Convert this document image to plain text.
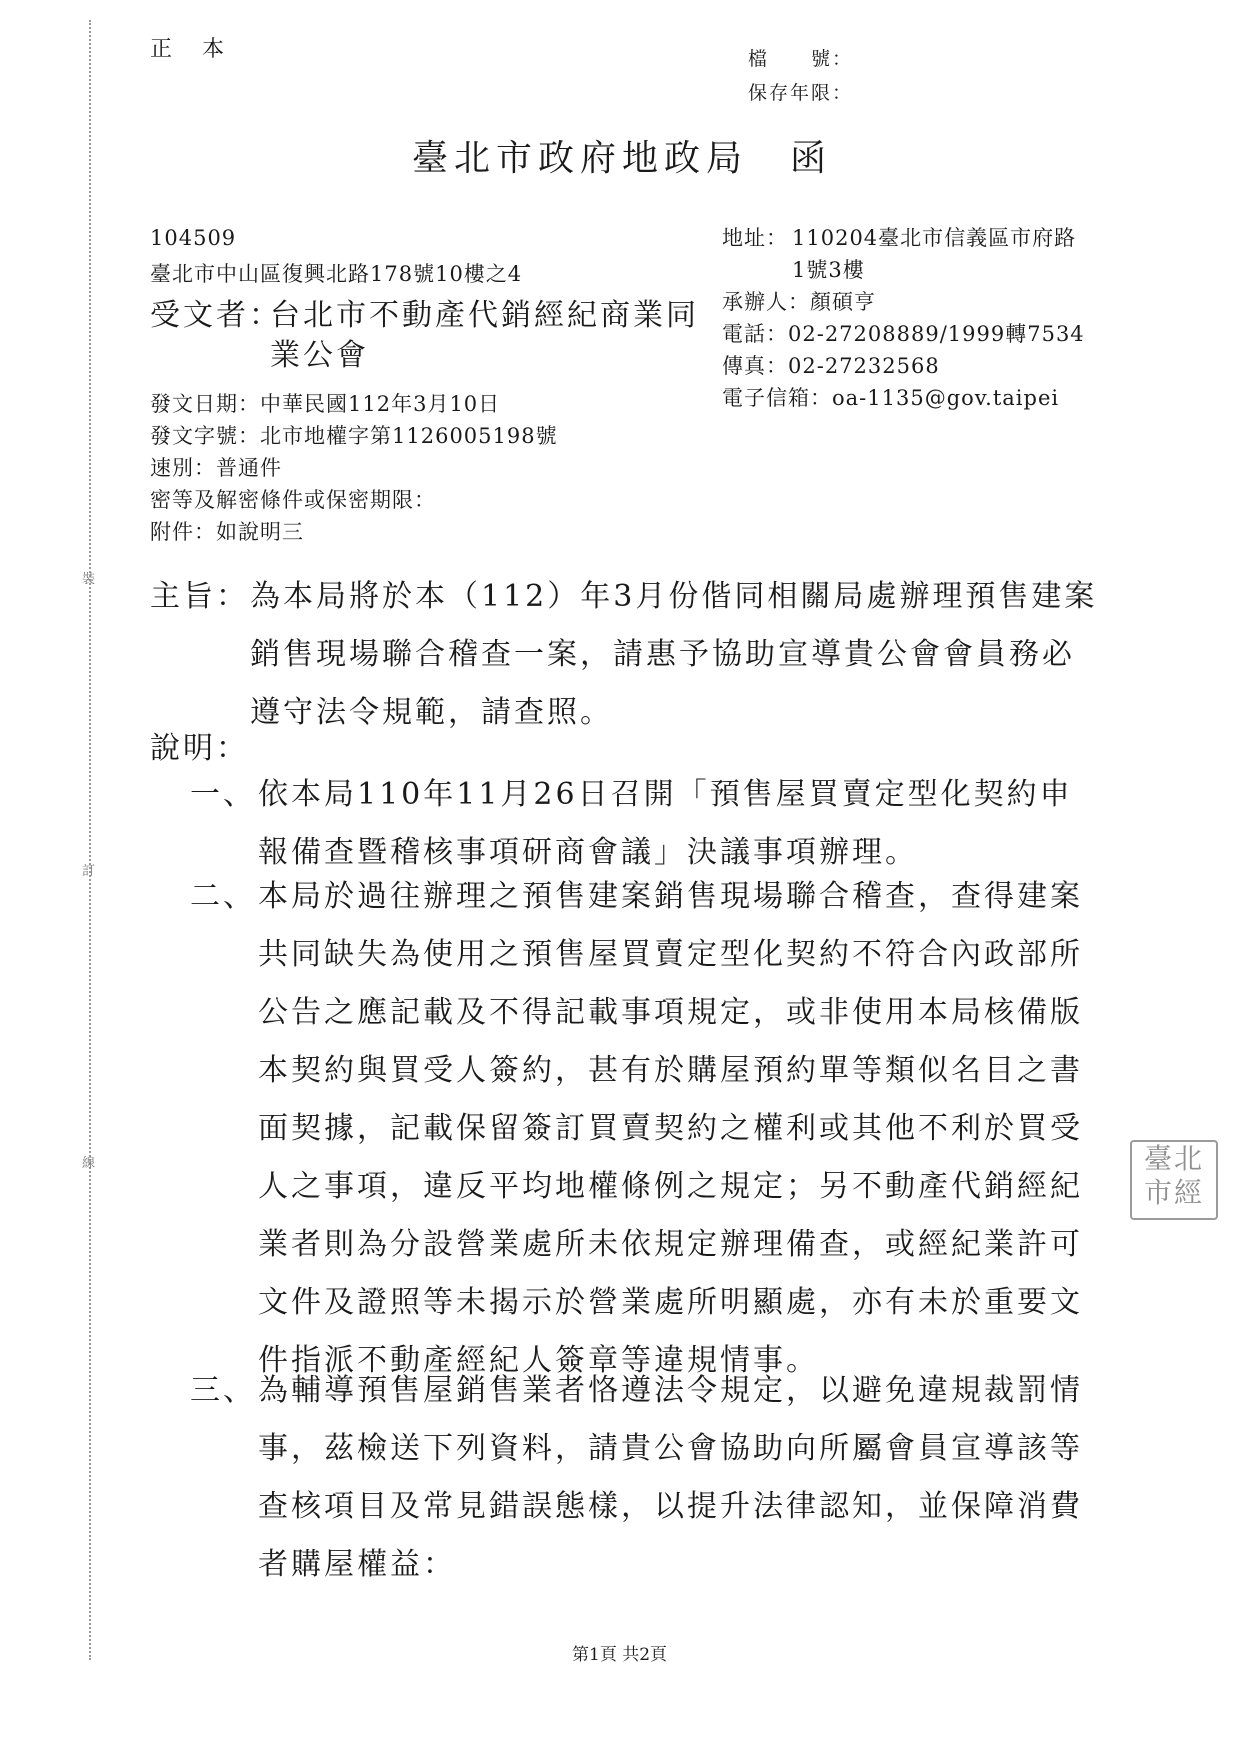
裝
訂
線
正　本	檔　　號：
保存年限：
臺北市政府地政局　函
104509
臺北市中山區復興北路178號10樓之4
受文者：
台北市不動產代銷經紀商業同
業公會
地址： 110204臺北市信義區市府路
1號3樓
承辦人：顏碩亨
電話：02-27208889/1999轉7534
傳真：02-27232568
電子信箱：oa-1135@gov.taipei
發文日期：中華民國112年3月10日
發文字號：北市地權字第1126005198號
速別：普通件
密等及解密條件或保密期限：
附件：如說明三
主旨： 為本局將於本（112）年3月份偕同相關局處辦理預售建案銷售現場聯合稽查一案，請惠予協助宣導貴公會會員務必遵守法令規範，請查照。
說明：
一、 依本局110年11月26日召開「預售屋買賣定型化契約申報備查暨稽核事項研商會議」決議事項辦理。
二、 本局於過往辦理之預售建案銷售現場聯合稽查，查得建案共同缺失為使用之預售屋買賣定型化契約不符合內政部所公告之應記載及不得記載事項規定，或非使用本局核備版本契約與買受人簽約，甚有於購屋預約單等類似名目之書面契據，記載保留簽訂買賣契約之權利或其他不利於買受人之事項，違反平均地權條例之規定；另不動產代銷經紀業者則為分設營業處所未依規定辦理備查，或經紀業許可文件及證照等未揭示於營業處所明顯處，亦有未於重要文件指派不動產經紀人簽章等違規情事。
三、 為輔導預售屋銷售業者恪遵法令規定，以避免違規裁罰情事，茲檢送下列資料，請貴公會協助向所屬會員宣導該等查核項目及常見錯誤態樣，以提升法律認知，並保障消費者購屋權益：
臺北
市經
第1頁 共2頁
